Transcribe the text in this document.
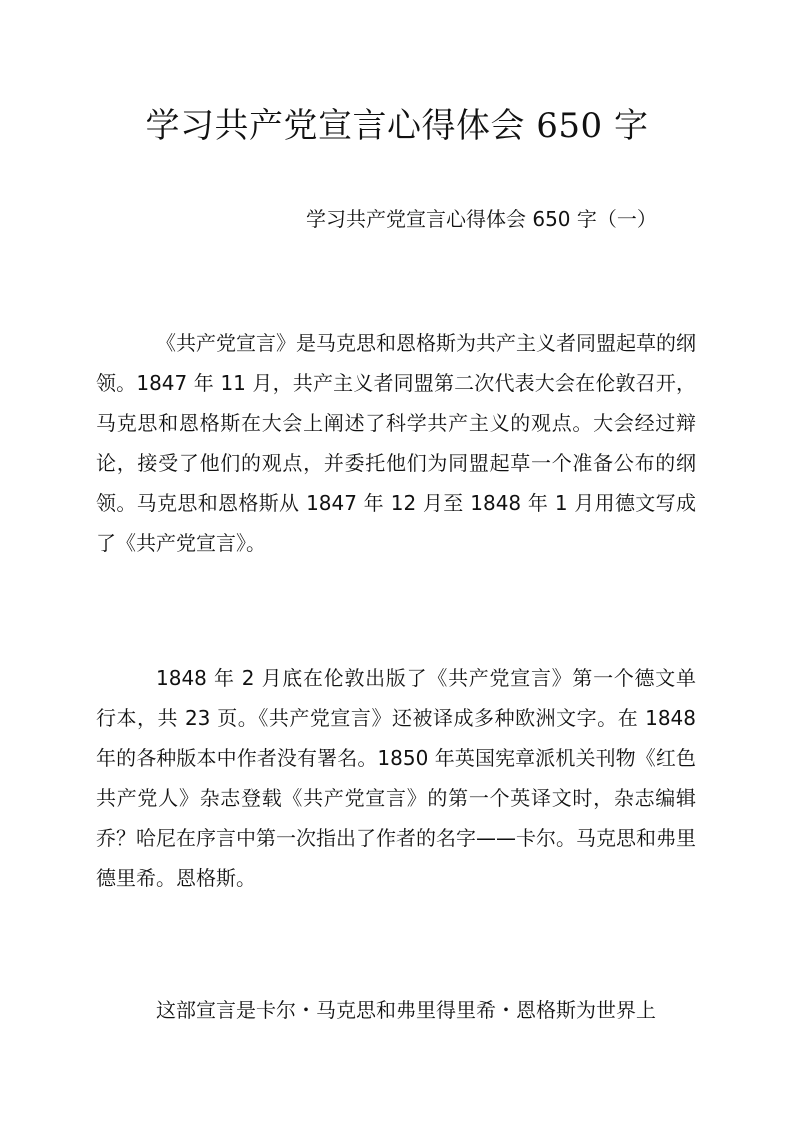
学习共产党宣言心得体会 650 字
学习共产党宣言心得体会 650 字（一）

《共产党宣言》是马克思和恩格斯为共产主义者同盟起草的纲领。1847 年 11 月，共产主义者同盟第二次代表大会在伦敦召开，马克思和恩格斯在大会上阐述了科学共产主义的观点。大会经过辩论，接受了他们的观点，并委托他们为同盟起草一个准备公布的纲领。马克思和恩格斯从 1847 年 12 月至 1848 年 1 月用德文写成了《共产党宣言》。

1848 年 2 月底在伦敦出版了《共产党宣言》第一个德文单行本，共 23 页。《共产党宣言》还被译成多种欧洲文字。在 1848 年的各种版本中作者没有署名。1850 年英国宪章派机关刊物《红色共产党人》杂志登载《共产党宣言》的第一个英译文时，杂志编辑乔？哈尼在序言中第一次指出了作者的名字——卡尔。马克思和弗里德里希。恩格斯。

这部宣言是卡尔・马克思和弗里得里希・恩格斯为世界上
